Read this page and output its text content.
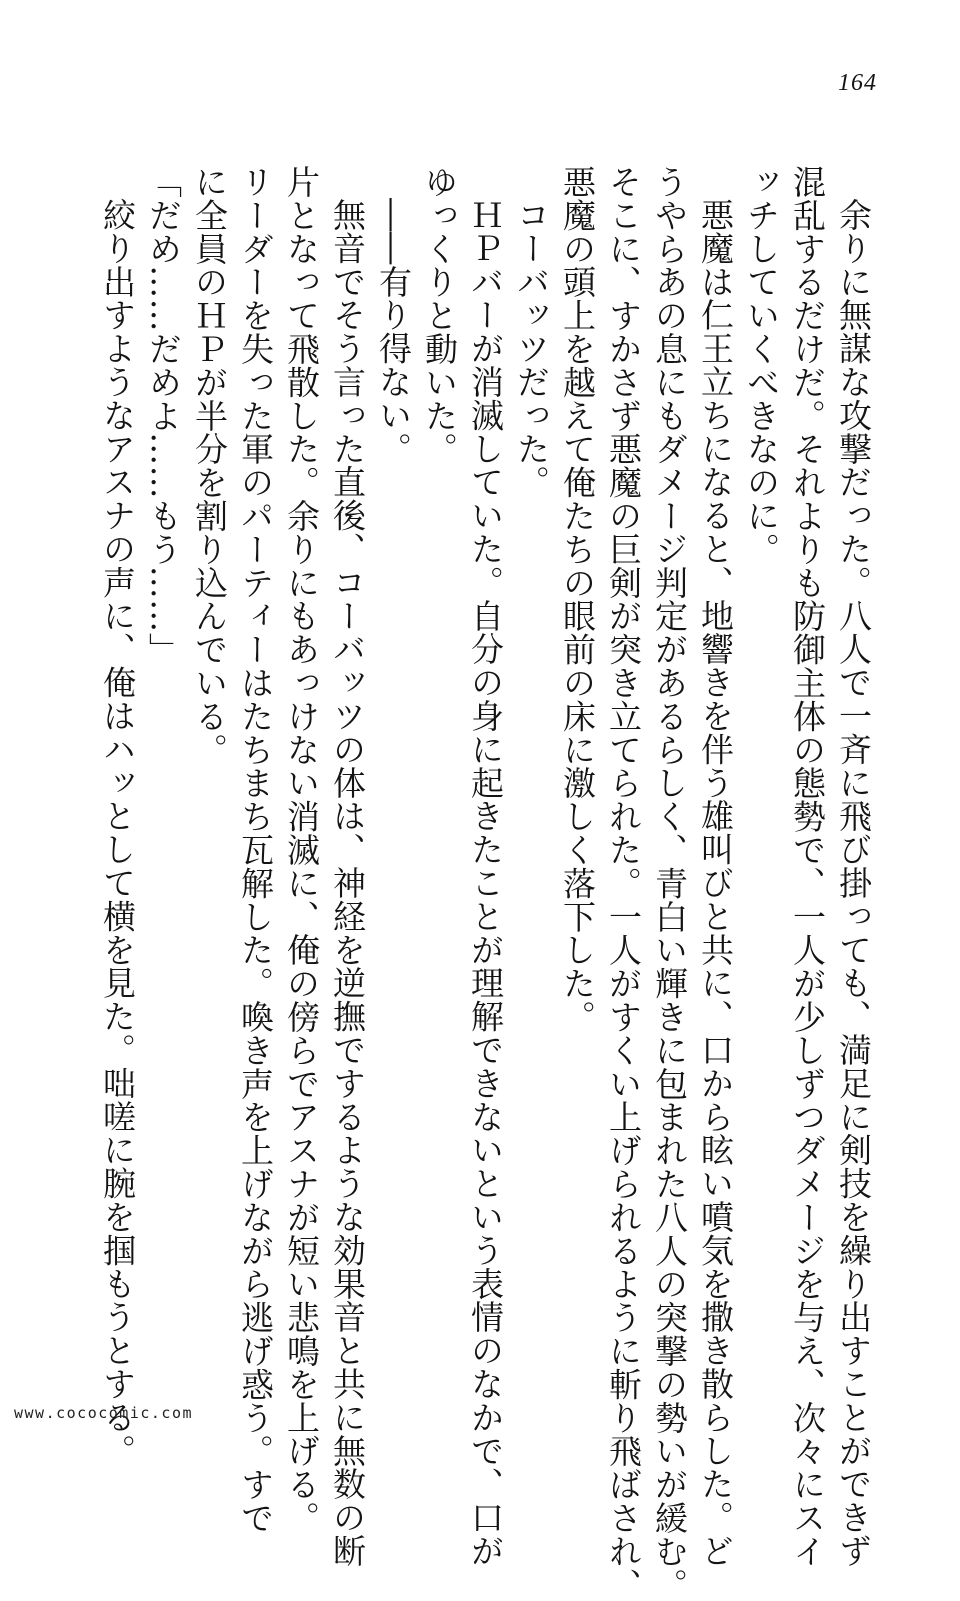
164
余りに無謀な攻撃だった。八人で一斉に飛び掛っても、満足に剣技を繰り出すことができず
混乱するだけだ。それよりも防御主体の態勢で、一人が少しずつダメージを与え、次々にスイ
ッチしていくべきなのに。
悪魔は仁王立ちになると、地響きを伴う雄叫びと共に、口から眩い噴気を撒き散らした。ど
うやらあの息にもダメージ判定があるらしく、青白い輝きに包まれた八人の突撃の勢いが緩む。
そこに、すかさず悪魔の巨剣が突き立てられた。一人がすくい上げられるように斬り飛ばされ、
悪魔の頭上を越えて俺たちの眼前の床に激しく落下した。
コーバッツだった。
ＨＰバーが消滅していた。自分の身に起きたことが理解できないという表情のなかで、口が
ゆっくりと動いた。
――有り得ない。
無音でそう言った直後、コーバッツの体は、神経を逆撫でするような効果音と共に無数の断
片となって飛散した。余りにもあっけない消滅に、俺の傍らでアスナが短い悲鳴を上げる。
リーダーを失った軍のパーティーはたちまち瓦解した。喚き声を上げながら逃げ惑う。すで
に全員のＨＰが半分を割り込んでいる。
「だめ……だめよ……もう……」
絞り出すようなアスナの声に、俺はハッとして横を見た。咄嗟に腕を掴もうとする。
www.cococomic.com
